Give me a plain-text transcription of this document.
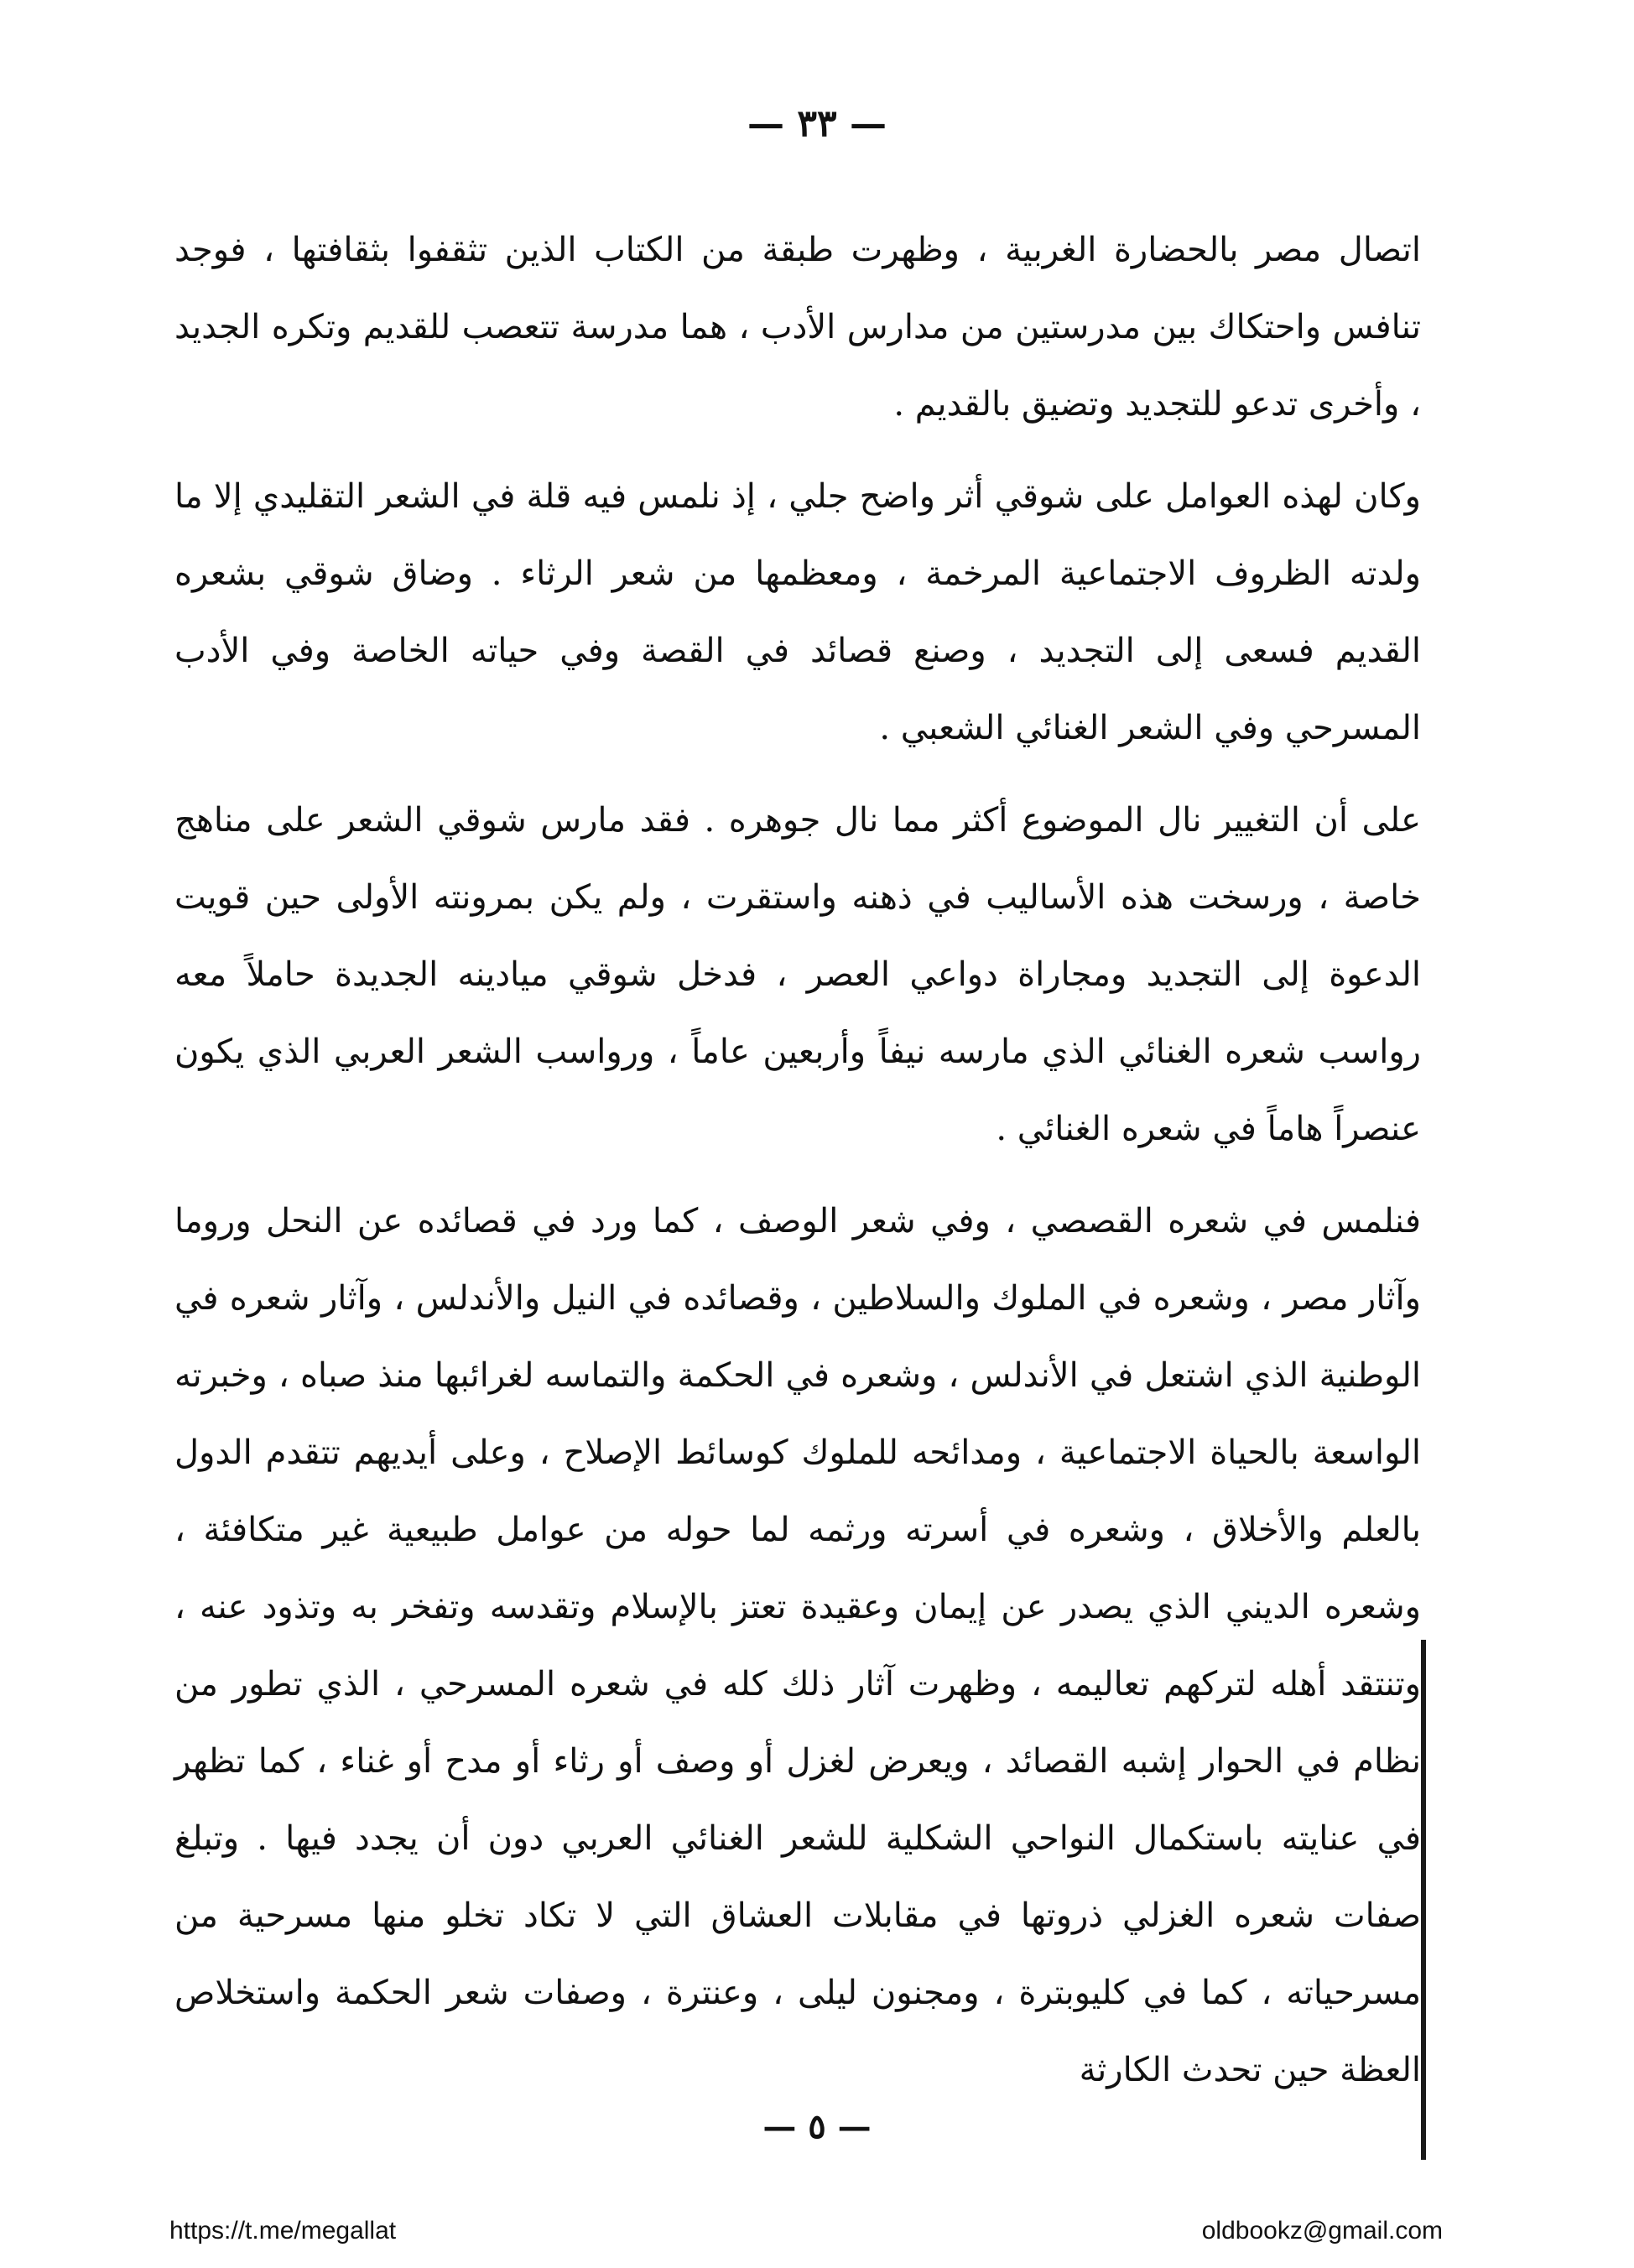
— ٣٣ —

اتصال مصر بالحضارة الغربية ، وظهرت طبقة من الكتاب الذين تثقفوا بثقافتها ، فوجد تنافس واحتكاك بين مدرستين من مدارس الأدب ، هما مدرسة تتعصب للقديم وتكره الجديد ، وأخرى تدعو للتجديد وتضيق بالقديم .

وكان لهذه العوامل على شوقي أثر واضح جلي ، إذ نلمس فيه قلة في الشعر التقليدي إلا ما ولدته الظروف الاجتماعية المرخمة ، ومعظمها من شعر الرثاء . وضاق شوقي بشعره القديم فسعى إلى التجديد ، وصنع قصائد في القصة وفي حياته الخاصة وفي الأدب المسرحي وفي الشعر الغنائي الشعبي .

على أن التغيير نال الموضوع أكثر مما نال جوهره . فقد مارس شوقي الشعر على مناهج خاصة ، ورسخت هذه الأساليب في ذهنه واستقرت ، ولم يكن بمرونته الأولى حين قويت الدعوة إلى التجديد ومجاراة دواعي العصر ، فدخل شوقي ميادينه الجديدة حاملاً معه رواسب شعره الغنائي الذي مارسه نيفاً وأربعين عاماً ، ورواسب الشعر العربي الذي يكون عنصراً هاماً في شعره الغنائي .

فنلمس في شعره القصصي ، وفي شعر الوصف ، كما ورد في قصائده عن النحل وروما وآثار مصر ، وشعره في الملوك والسلاطين ، وقصائده في النيل والأندلس ، وآثار شعره في الوطنية الذي اشتعل في الأندلس ، وشعره في الحكمة والتماسه لغرائبها منذ صباه ، وخبرته الواسعة بالحياة الاجتماعية ، ومدائحه للملوك كوسائط الإصلاح ، وعلى أيديهم تتقدم الدول بالعلم والأخلاق ، وشعره في أسرته ورثمه لما حوله من عوامل طبيعية غير متكافئة ، وشعره الديني الذي يصدر عن إيمان وعقيدة تعتز بالإسلام وتقدسه وتفخر به وتذود عنه ، وتنتقد أهله لتركهم تعاليمه ، وظهرت آثار ذلك كله في شعره المسرحي ، الذي تطور من نظام في الحوار إشبه القصائد ، ويعرض لغزل أو وصف أو رثاء أو مدح أو غناء ، كما تظهر في عنايته باستكمال النواحي الشكلية للشعر الغنائي العربي دون أن يجدد فيها . وتبلغ صفات شعره الغزلي ذروتها في مقابلات العشاق التي لا تكاد تخلو منها مسرحية من مسرحياته ، كما في كليوبترة ، ومجنون ليلى ، وعنترة ، وصفات شعر الحكمة واستخلاص العظة حين تحدث الكارثة

— ٥ —
https://t.me/megallat	oldbookz@gmail.com
